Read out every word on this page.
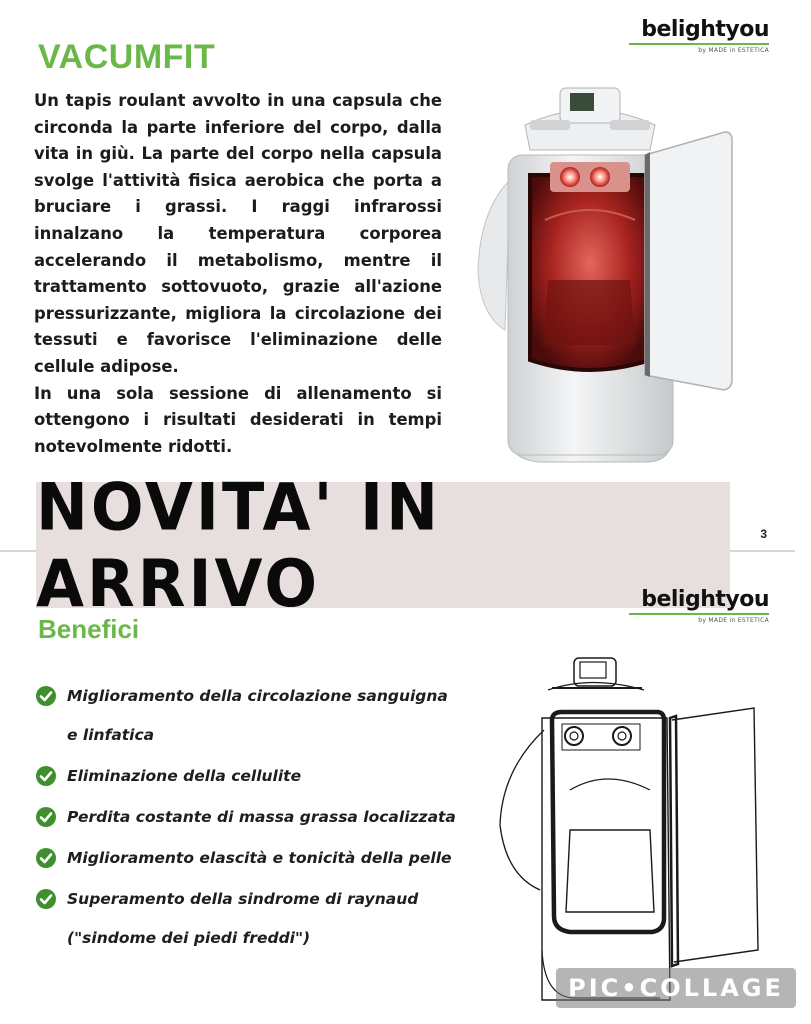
belightyou
by MADE in ESTETICA
VACUMFIT

Un tapis roulant avvolto in una capsula che circonda la parte inferiore del corpo, dalla vita in giù. La parte del corpo nella capsula svolge l'attività fisica aerobica che porta a bruciare i grassi. I raggi infrarossi innalzano la temperatura corporea accelerando il metabolismo, mentre il trattamento sottovuoto, grazie all'azione pressurizzante, migliora la circolazione dei tessuti e favorisce l'eliminazione delle cellule adipose.

In una sola sessione di allenamento si ottengono i risultati desiderati in tempi notevolmente ridotti.

3
NOVITA' IN ARRIVO	belightyou
by MADE in ESTETICA
Benefici
Miglioramento della circolazione sanguigna
e linfatica
Eliminazione della cellulite
Perdita costante di massa grassa localizzata
Miglioramento elascità e tonicità della pelle
Superamento della sindrome di raynaud
("sindome dei piedi freddi")
PIC•COLLAGE
